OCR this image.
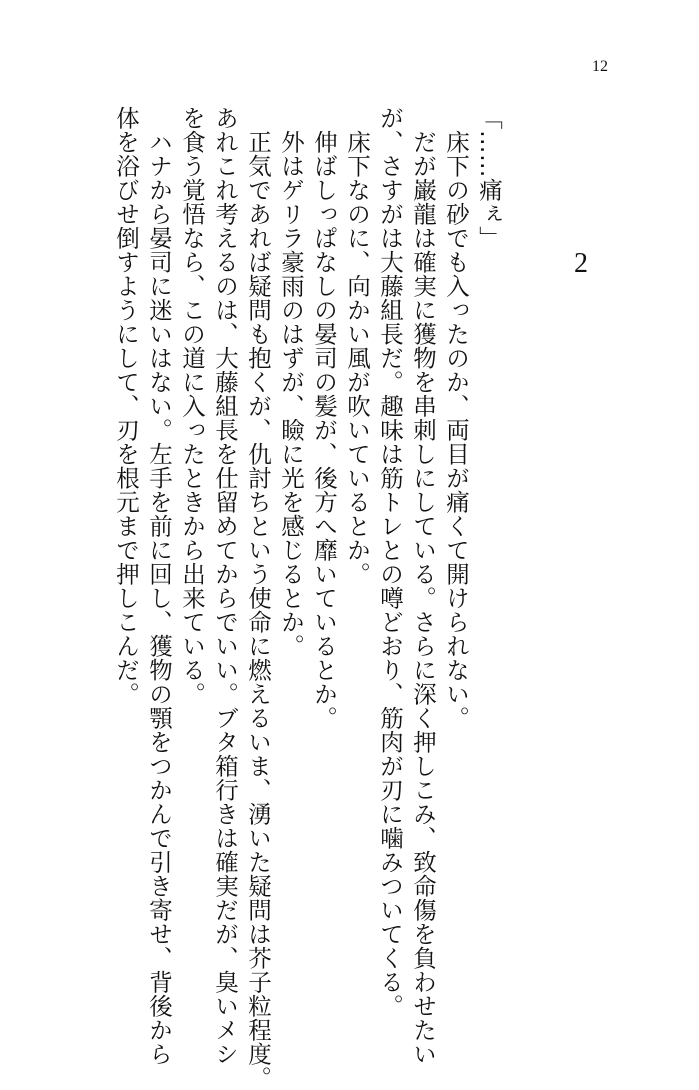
12
2
「……痛ぇ」
　床下の砂でも入ったのか、両目が痛くて開けられない。
　だが巌龍は確実に獲物を串刺しにしている。さらに深く押しこみ、致命傷を負わせたい
が、さすがは大藤組長だ。趣味は筋トレとの噂どおり、筋肉が刃に噛みついてくる。
　床下なのに、向かい風が吹いているとか。
　伸ばしっぱなしの晏司の髪が、後方へ靡いているとか。
　外はゲリラ豪雨のはずが、瞼に光を感じるとか。
　正気であれば疑問も抱くが、仇討ちという使命に燃えるいま、湧いた疑問は芥子粒程度。
あれこれ考えるのは、大藤組長を仕留めてからでいい。ブタ箱行きは確実だが、臭いメシ
を食う覚悟なら、この道に入ったときから出来ている。
　ハナから晏司に迷いはない。左手を前に回し、獲物の顎をつかんで引き寄せ、背後から
体を浴びせ倒すようにして、刃を根元まで押しこんだ。
